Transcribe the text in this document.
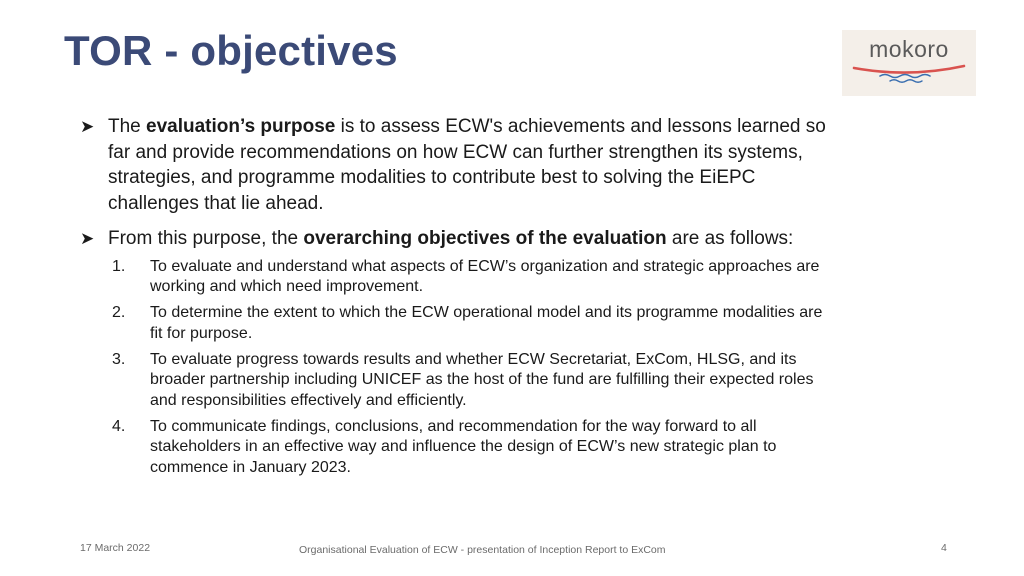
TOR - objectives	mokoro
➤ The evaluation’s purpose is to assess ECW's achievements and lessons learned so far and provide recommendations on how ECW can further strengthen its systems, strategies, and programme modalities to contribute best to solving the EiEPC challenges that lie ahead.
➤ From this purpose, the overarching objectives of the evaluation are as follows:
1. To evaluate and understand what aspects of ECW’s organization and strategic approaches are working and which need improvement.
2. To determine the extent to which the ECW operational model and its programme modalities are fit for purpose.
3. To evaluate progress towards results and whether ECW Secretariat, ExCom, HLSG, and its broader partnership including UNICEF as the host of the fund are fulfilling their expected roles and responsibilities effectively and efficiently.
4. To communicate findings, conclusions, and recommendation for the way forward to all stakeholders in an effective way and influence the design of ECW’s new strategic plan to commence in January 2023.
17 March 2022	Organisational Evaluation of ECW - presentation of Inception Report to ExCom	4
